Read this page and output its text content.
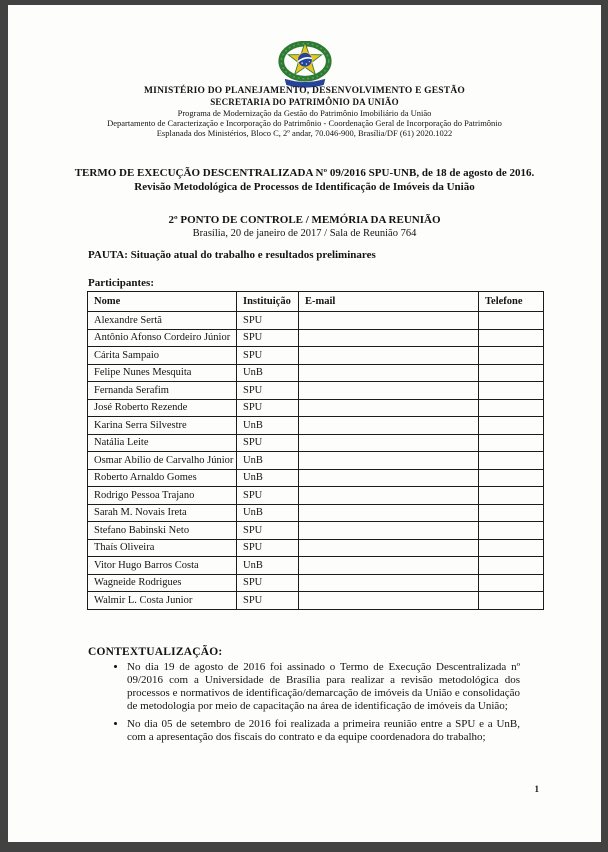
MINISTÉRIO DO PLANEJAMENTO, DESENVOLVIMENTO E GESTÃO
SECRETARIA DO PATRIMÔNIO DA UNIÃO
Programa de Modernização da Gestão do Patrimônio Imobiliário da União
Departamento de Caracterização e Incorporação do Patrimônio - Coordenação Geral de Incorporação do Patrimônio
Esplanada dos Ministérios, Bloco C, 2º andar, 70.046-900, Brasília/DF (61) 2020.1022
TERMO DE EXECUÇÃO DESCENTRALIZADA Nº 09/2016 SPU-UNB, de 18 de agosto de 2016.
Revisão Metodológica de Processos de Identificação de Imóveis da União
2º PONTO DE CONTROLE / MEMÓRIA DA REUNIÃO
Brasília, 20 de janeiro de 2017 / Sala de Reunião 764
PAUTA: Situação atual do trabalho e resultados preliminares
Participantes:
Nome	Instituição	E-mail	Telefone
Alexandre Sertã	SPU		
Antônio Afonso Cordeiro Júnior	SPU		
Cárita Sampaio	SPU		
Felipe Nunes Mesquita	UnB		
Fernanda Serafim	SPU		
José Roberto Rezende	SPU		
Karina Serra Silvestre	UnB		
Natália Leite	SPU		
Osmar Abílio de Carvalho Júnior	UnB		
Roberto Arnaldo Gomes	UnB		
Rodrigo Pessoa Trajano	SPU		
Sarah M. Novais Ireta	UnB		
Stefano Babinski Neto	SPU		
Thaís Oliveira	SPU		
Vitor Hugo Barros Costa	UnB		
Wagneide Rodrigues	SPU		
Walmir L. Costa Junior	SPU		

CONTEXTUALIZAÇÃO:

• No dia 19 de agosto de 2016 foi assinado o Termo de Execução Descentralizada nº 09/2016 com a Universidade de Brasília para realizar a revisão metodológica dos processos e normativos de identificação/demarcação de imóveis da União e consolidação de metodologia por meio de capacitação na área de identificação de imóveis da União;
• No dia 05 de setembro de 2016 foi realizada a primeira reunião entre a SPU e a UnB, com a apresentação dos fiscais do contrato e da equipe coordenadora do trabalho;
1
